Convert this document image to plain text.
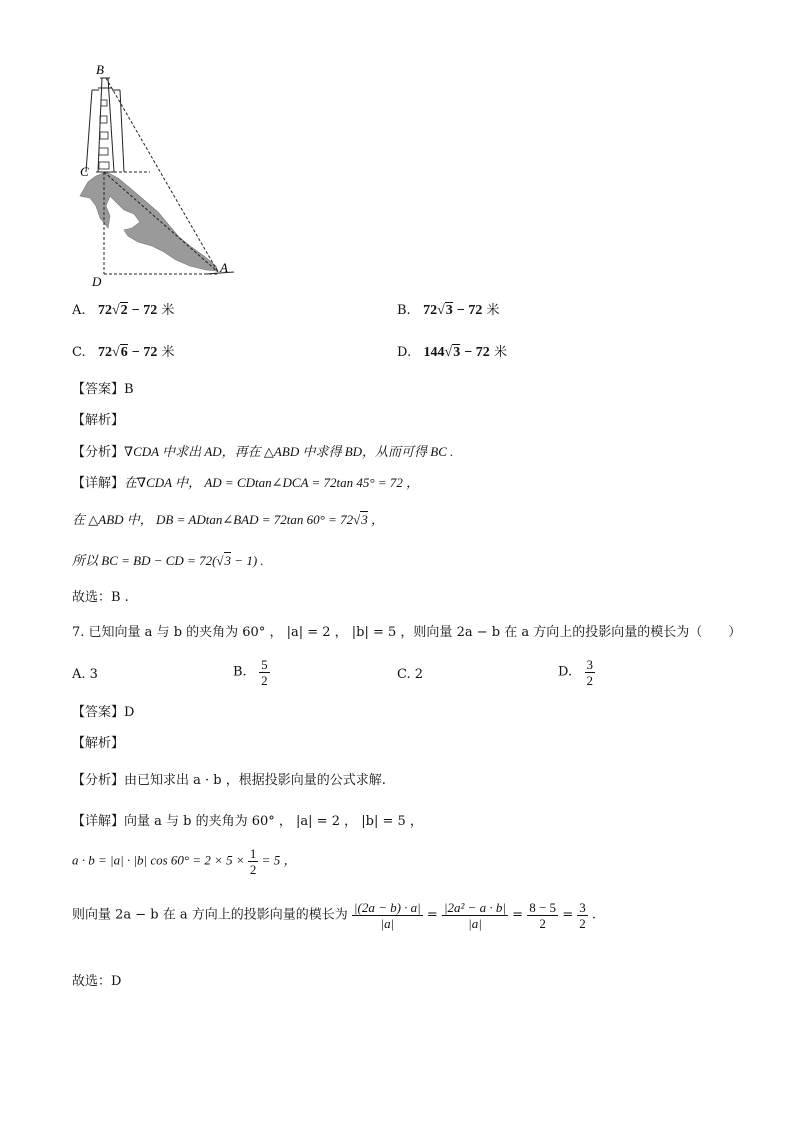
B
C
D
A
A. 72√2 − 72 米	B. 72√3 − 72 米
C. 72√6 − 72 米	D. 144√3 − 72 米
【答案】B
【解析】
【分析】∇CDA 中求出 AD，再在 △ABD 中求得 BD，从而可得 BC .
【详解】在∇CDA 中， AD = CDtan∠DCA = 72tan 45° = 72 ，
在 △ABD 中， DB = ADtan∠BAD = 72tan 60° = 72√3 ，
所以 BC = BD − CD = 72(√3 − 1) .
故选：B .
7. 已知向量 a 与 b 的夹角为 60° ， |a| = 2 ， |b| = 5 ，则向量 2a − b 在 a 方向上的投影向量的模长为（　　）
A. 3	B. $\frac{5}{2}$	C. 2	D. $\frac{3}{2}$
【答案】D
【解析】
【分析】由已知求出 a · b ，根据投影向量的公式求解.
【详解】向量 a 与 b 的夹角为 60° ， |a| = 2 ， |b| = 5 ，
a · b = |a| · |b| $\cos 60^\circ = 2 \times 5 \times \frac{1}{2} = 5$ ，
则向量 2a − b 在 a 方向上的投影向量的模长为 $\frac{|(2a - b) \cdot a|}{|a|} = \frac{\text{|2a² − a · b|}}{|a|} = \frac{8 - 5}{2} = \frac{3}{2}$ .
故选：D
